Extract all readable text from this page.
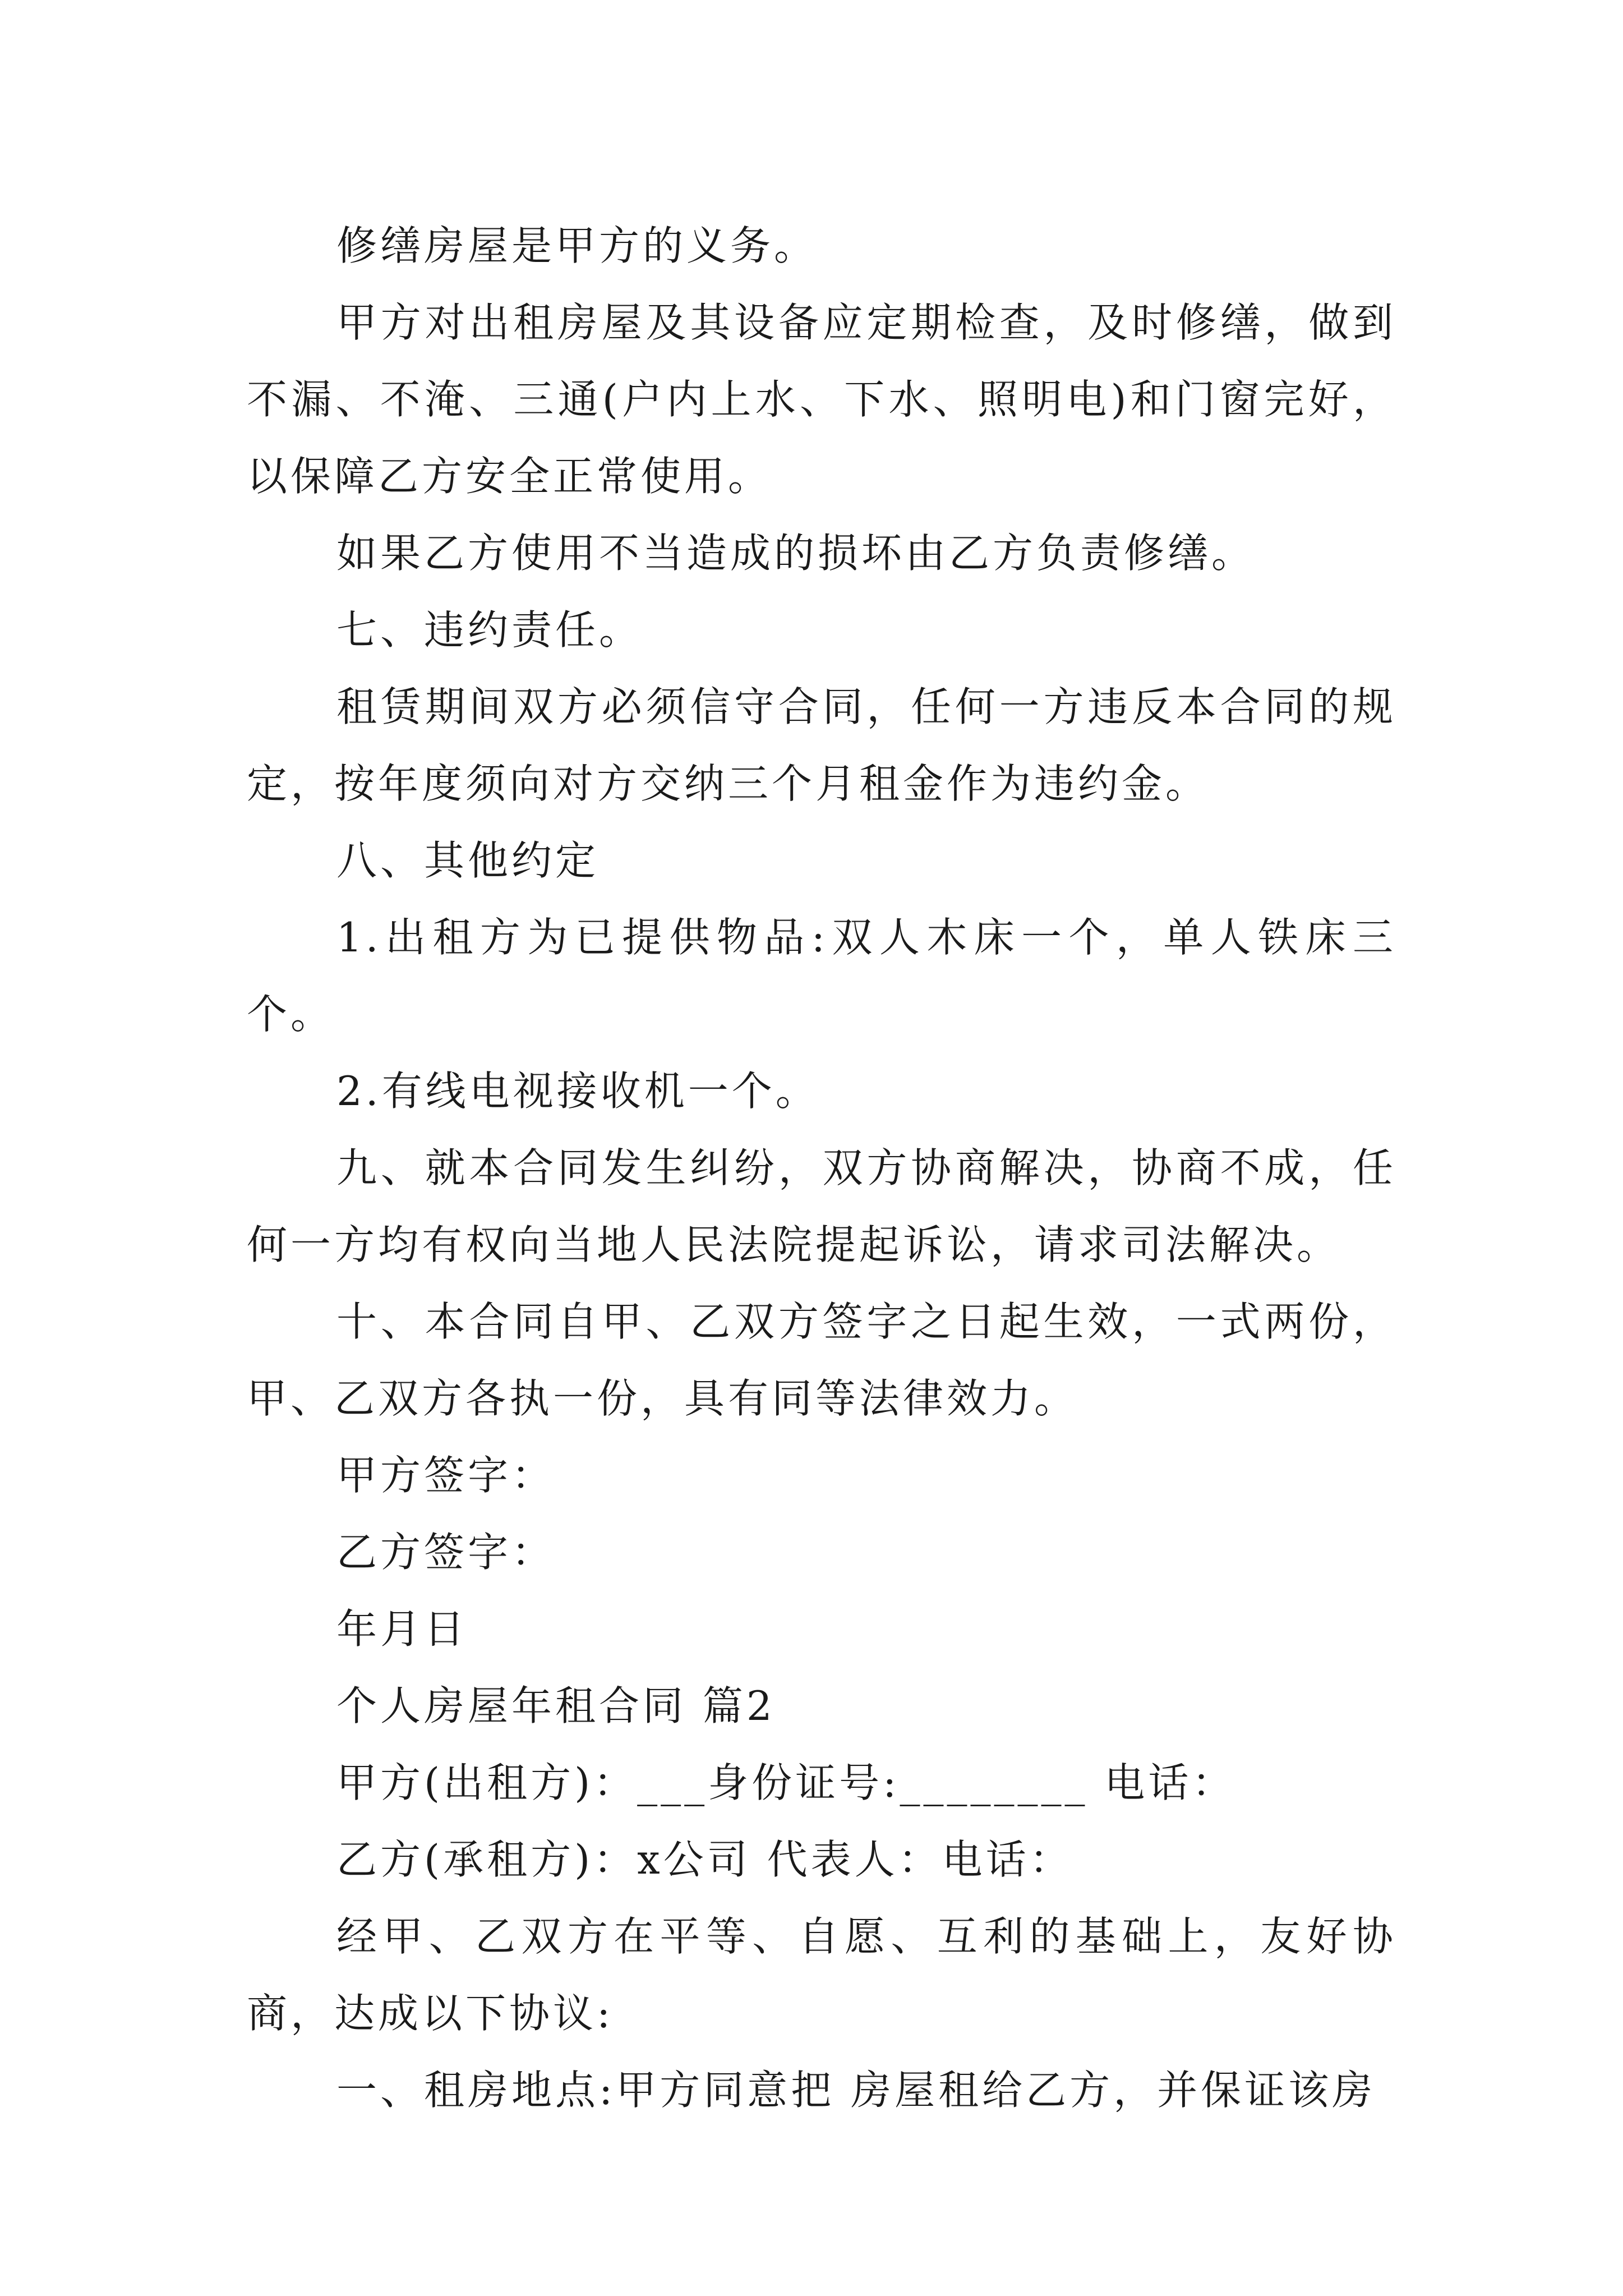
修缮房屋是甲方的义务。

甲方对出租房屋及其设备应定期检查，及时修缮，做到不漏、不淹、三通(户内上水、下水、照明电)和门窗完好，以保障乙方安全正常使用。

如果乙方使用不当造成的损坏由乙方负责修缮。

七、违约责任。

租赁期间双方必须信守合同，任何一方违反本合同的规定，按年度须向对方交纳三个月租金作为违约金。

八、其他约定

1.出租方为已提供物品:双人木床一个，单人铁床三个。

2.有线电视接收机一个。

九、就本合同发生纠纷，双方协商解决，协商不成，任何一方均有权向当地人民法院提起诉讼，请求司法解决。

十、本合同自甲、乙双方签字之日起生效，一式两份，甲、乙双方各执一份，具有同等法律效力。

甲方签字：

乙方签字：

年月日

个人房屋年租合同 篇2

甲方(出租方)：___身份证号:________ 电话：

乙方(承租方)：x公司 代表人：电话：

经甲、乙双方在平等、自愿、互利的基础上，友好协商，达成以下协议:

一、租房地点:甲方同意把 房屋租给乙方，并保证该房
